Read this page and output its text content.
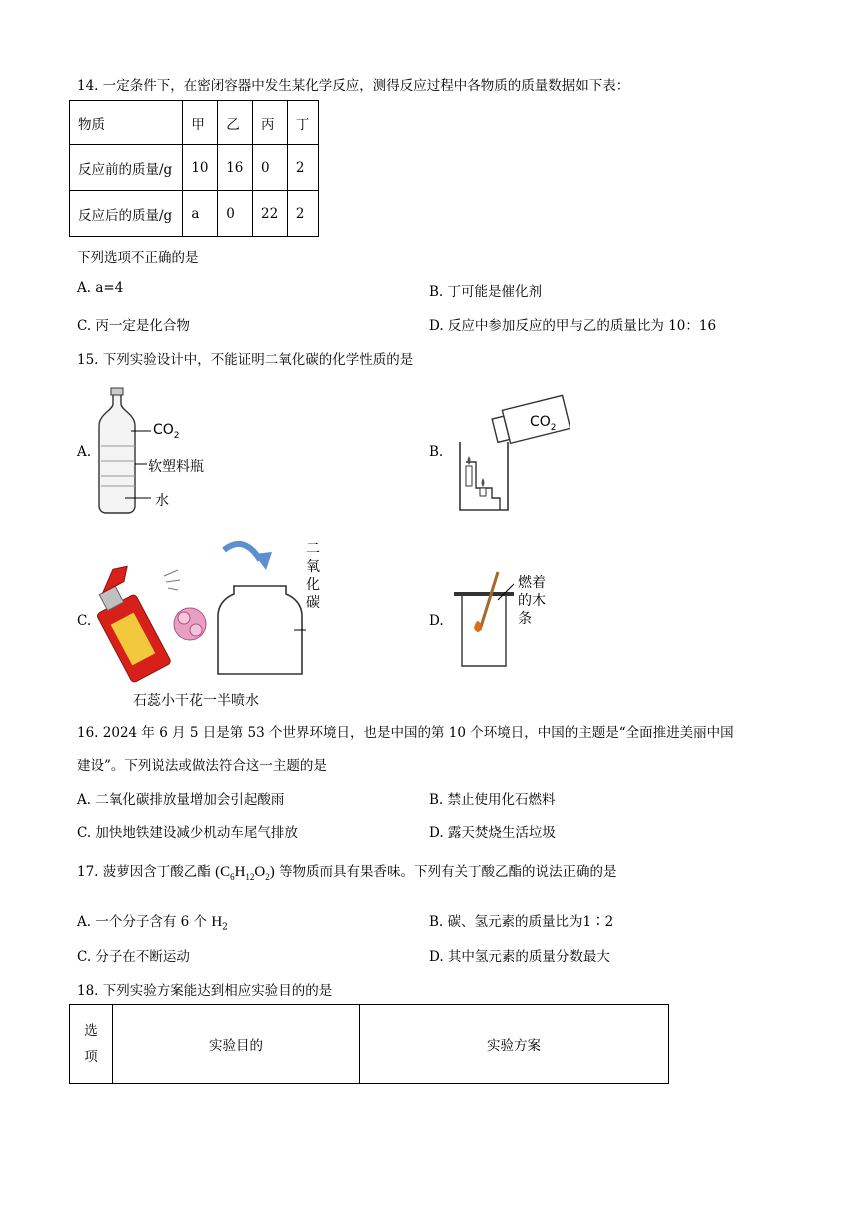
14. 一定条件下，在密闭容器中发生某化学反应，测得反应过程中各物质的质量数据如下表：
物质	甲	乙	丙	丁
反应前的质量/g	10	16	0	2
反应后的质量/g	a	0	22	2
下列选项不正确的是
A. a=4	B. 丁可能是催化剂
C. 丙一定是化合物	D. 反应中参加反应的甲与乙的质量比为 10：16
15. 下列实验设计中，不能证明二氧化碳的化学性质的是
A.
$CO_2$
软塑料瓶
水
B.
$CO_2$
C.
二
氧
化
碳
石蕊小干花一半喷水
D.
燃着
的木
条
16. 2024 年 6 月 5 日是第 53 个世界环境日，也是中国的第 10 个环境日，中国的主题是“全面推进美丽中国
建设”。下列说法或做法符合这一主题的是
A. 二氧化碳排放量增加会引起酸雨	B. 禁止使用化石燃料
C. 加快地铁建设减少机动车尾气排放	D. 露天焚烧生活垃圾
17. 菠萝因含丁酸乙酯 $(C_6H_{12}O_2)$ 等物质而具有果香味。下列有关丁酸乙酯的说法正确的是
A. 一个分子含有 6 个 $H_2$	B. 碳、氢元素的质量比为1∶2
C. 分子在不断运动	D. 其中氢元素的质量分数最大
18. 下列实验方案能达到相应实验目的的是
选
项
	实验目的	实验方案
